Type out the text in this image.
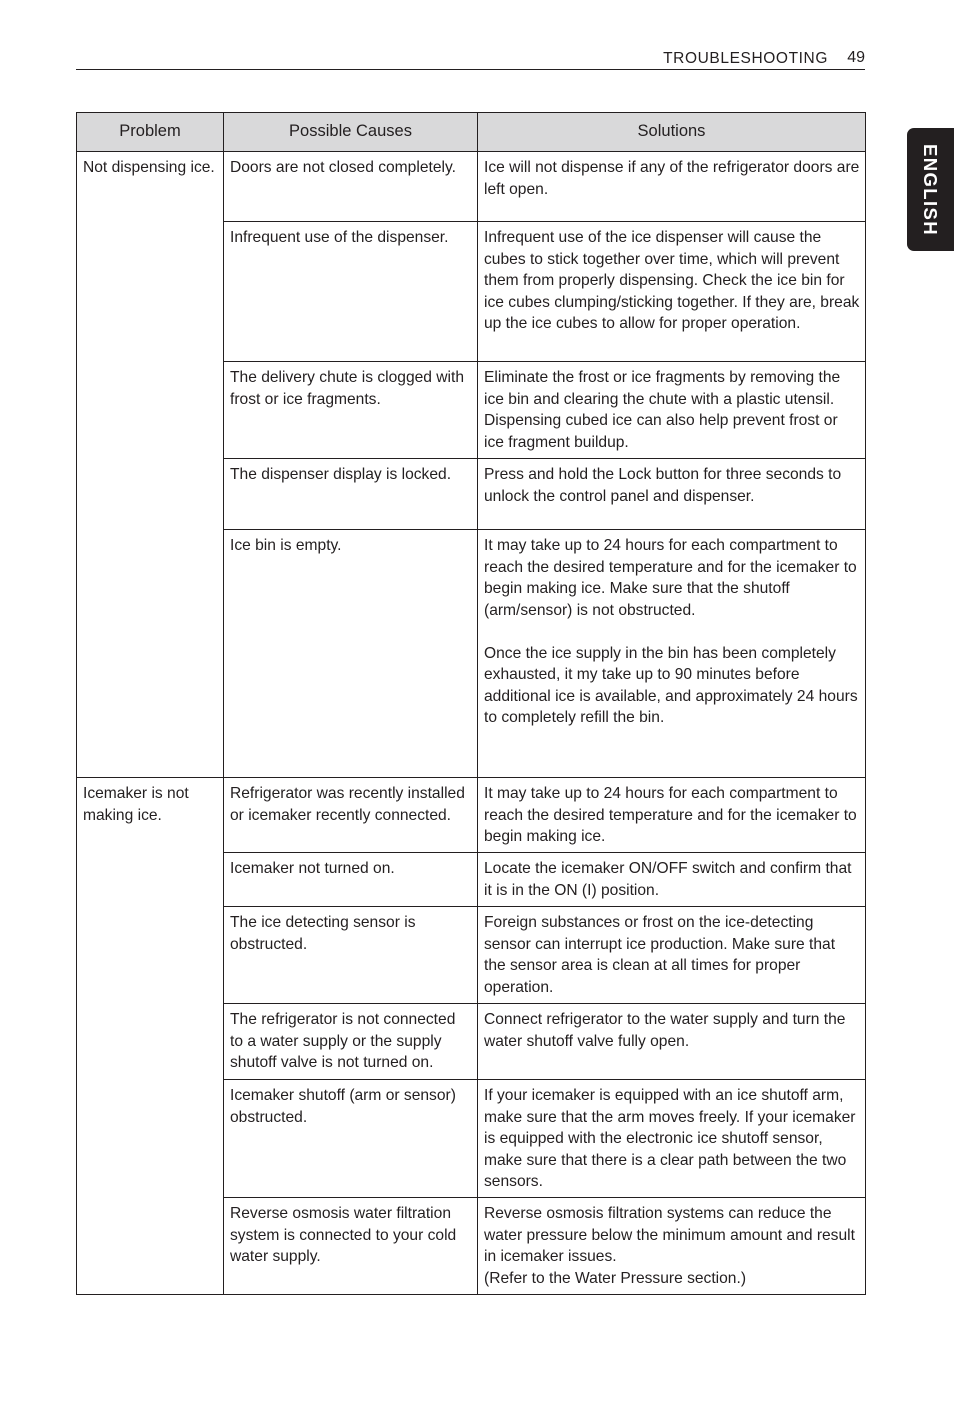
TROUBLESHOOTING 49
ENGLISH
Problem	Possible Causes	Solutions
Not dispensing ice.	Doors are not closed completely.	Ice will not dispense if any of the refrigerator doors are left open.
	Infrequent use of the dispenser.	Infrequent use of the ice dispenser will cause the cubes to stick together over time, which will prevent them from properly dispensing. Check the ice bin for ice cubes clumping/sticking together. If they are, break up the ice cubes to allow for proper operation.
	The delivery chute is clogged with frost or ice fragments.	Eliminate the frost or ice fragments by removing the ice bin and clearing the chute with a plastic utensil. Dispensing cubed ice can also help prevent frost or ice fragment buildup.
	The dispenser display is locked.	Press and hold the Lock button for three seconds to unlock the control panel and dispenser.
	Ice bin is empty.	It may take up to 24 hours for each compartment to reach the desired temperature and for the icemaker to begin making ice. Make sure that the shutoff
(arm/sensor) is not obstructed.

Once the ice supply in the bin has been completely exhausted, it my take up to 90 minutes before additional ice is available, and approximately 24 hours to completely refill the bin.
Icemaker is not making ice.	Refrigerator was recently installed or icemaker recently connected.	It may take up to 24 hours for each compartment to reach the desired temperature and for the icemaker to begin making ice.
	Icemaker not turned on.	Locate the icemaker ON/OFF switch and confirm that it is in the ON (I) position.
	The ice detecting sensor is obstructed.	Foreign substances or frost on the ice-detecting sensor can interrupt ice production. Make sure that the sensor area is clean at all times for proper operation.
	The refrigerator is not connected to a water supply or the supply shutoff valve is not turned on.	Connect refrigerator to the water supply and turn the water shutoff valve fully open.
	Icemaker shutoff (arm or sensor) obstructed.	If your icemaker is equipped with an ice shutoff arm, make sure that the arm moves freely. If your icemaker is equipped with the electronic ice shutoff sensor, make sure that there is a clear path between the two sensors.
	Reverse osmosis water filtration system is connected to your cold water supply.	Reverse osmosis filtration systems can reduce the water pressure below the minimum amount and result in icemaker issues.
(Refer to the Water Pressure section.)
